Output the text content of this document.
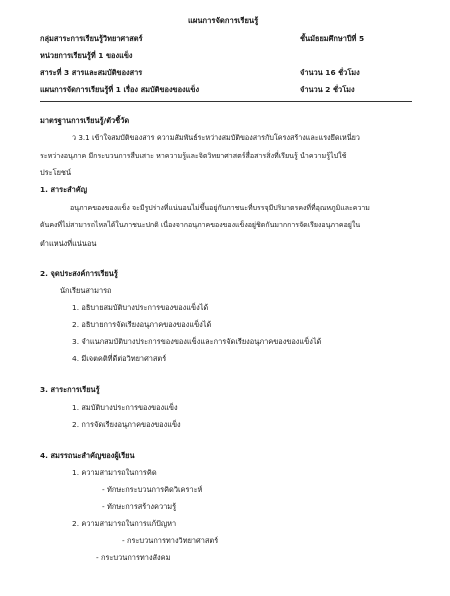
แผนการจัดการเรียนรู้
กลุ่มสาระการเรียนรู้วิทยาศาสตร์	ชั้นมัธยมศึกษาปีที่ 5
หน่วยการเรียนรู้ที่ 1 ของแข็ง
สาระที่ 3 สารและสมบัติของสาร	จำนวน 16 ชั่วโมง
แผนการจัดการเรียนรู้ที่ 1 เรื่อง สมบัติของของแข็ง	จำนวน 2 ชั่วโมง
มาตรฐานการเรียนรู้/ตัวชี้วัด
ว 3.1 เข้าใจสมบัติของสาร ความสัมพันธ์ระหว่างสมบัติของสารกับโครงสร้างและแรงยึดเหนี่ยว
ระหว่างอนุภาค มีกระบวนการสืบเสาะ หาความรู้และจิตวิทยาศาสตร์สื่อสารสิ่งที่เรียนรู้ นำความรู้ไปใช้
ประโยชน์
1. สาระสำคัญ
อนุภาคของของแข็ง จะมีรูปร่างที่แน่นอนไม่ขึ้นอยู่กับภาชนะที่บรรจุมีปริมาตรคงที่ที่อุณหภูมิและความ
ดันคงที่ไม่สามารถไหลได้ในภาชนะปกติ เนื่องจากอนุภาคของของแข็งอยู่ชิดกันมากการจัดเรียงอนุภาคอยู่ใน
ตำแหน่งที่แน่นอน
2. จุดประสงค์การเรียนรู้
นักเรียนสามารถ
1. อธิบายสมบัติบางประการของของแข็งได้
2. อธิบายการจัดเรียงอนุภาคของของแข็งได้
3. จำแนกสมบัติบางประการของของแข็งและการจัดเรียงอนุภาคของของแข็งได้
4. มีเจตคติที่ดีต่อวิทยาศาสตร์
3. สาระการเรียนรู้
1. สมบัติบางประการของของแข็ง
2. การจัดเรียงอนุภาคของของแข็ง
4. สมรรถนะสำคัญของผู้เรียน
1. ความสามารถในการคิด
- ทักษะกระบวนการคิดวิเคราะห์
- ทักษะการสร้างความรู้
2. ความสามารถในการแก้ปัญหา
- กระบวนการทางวิทยาศาสตร์
- กระบวนการทางสังคม
